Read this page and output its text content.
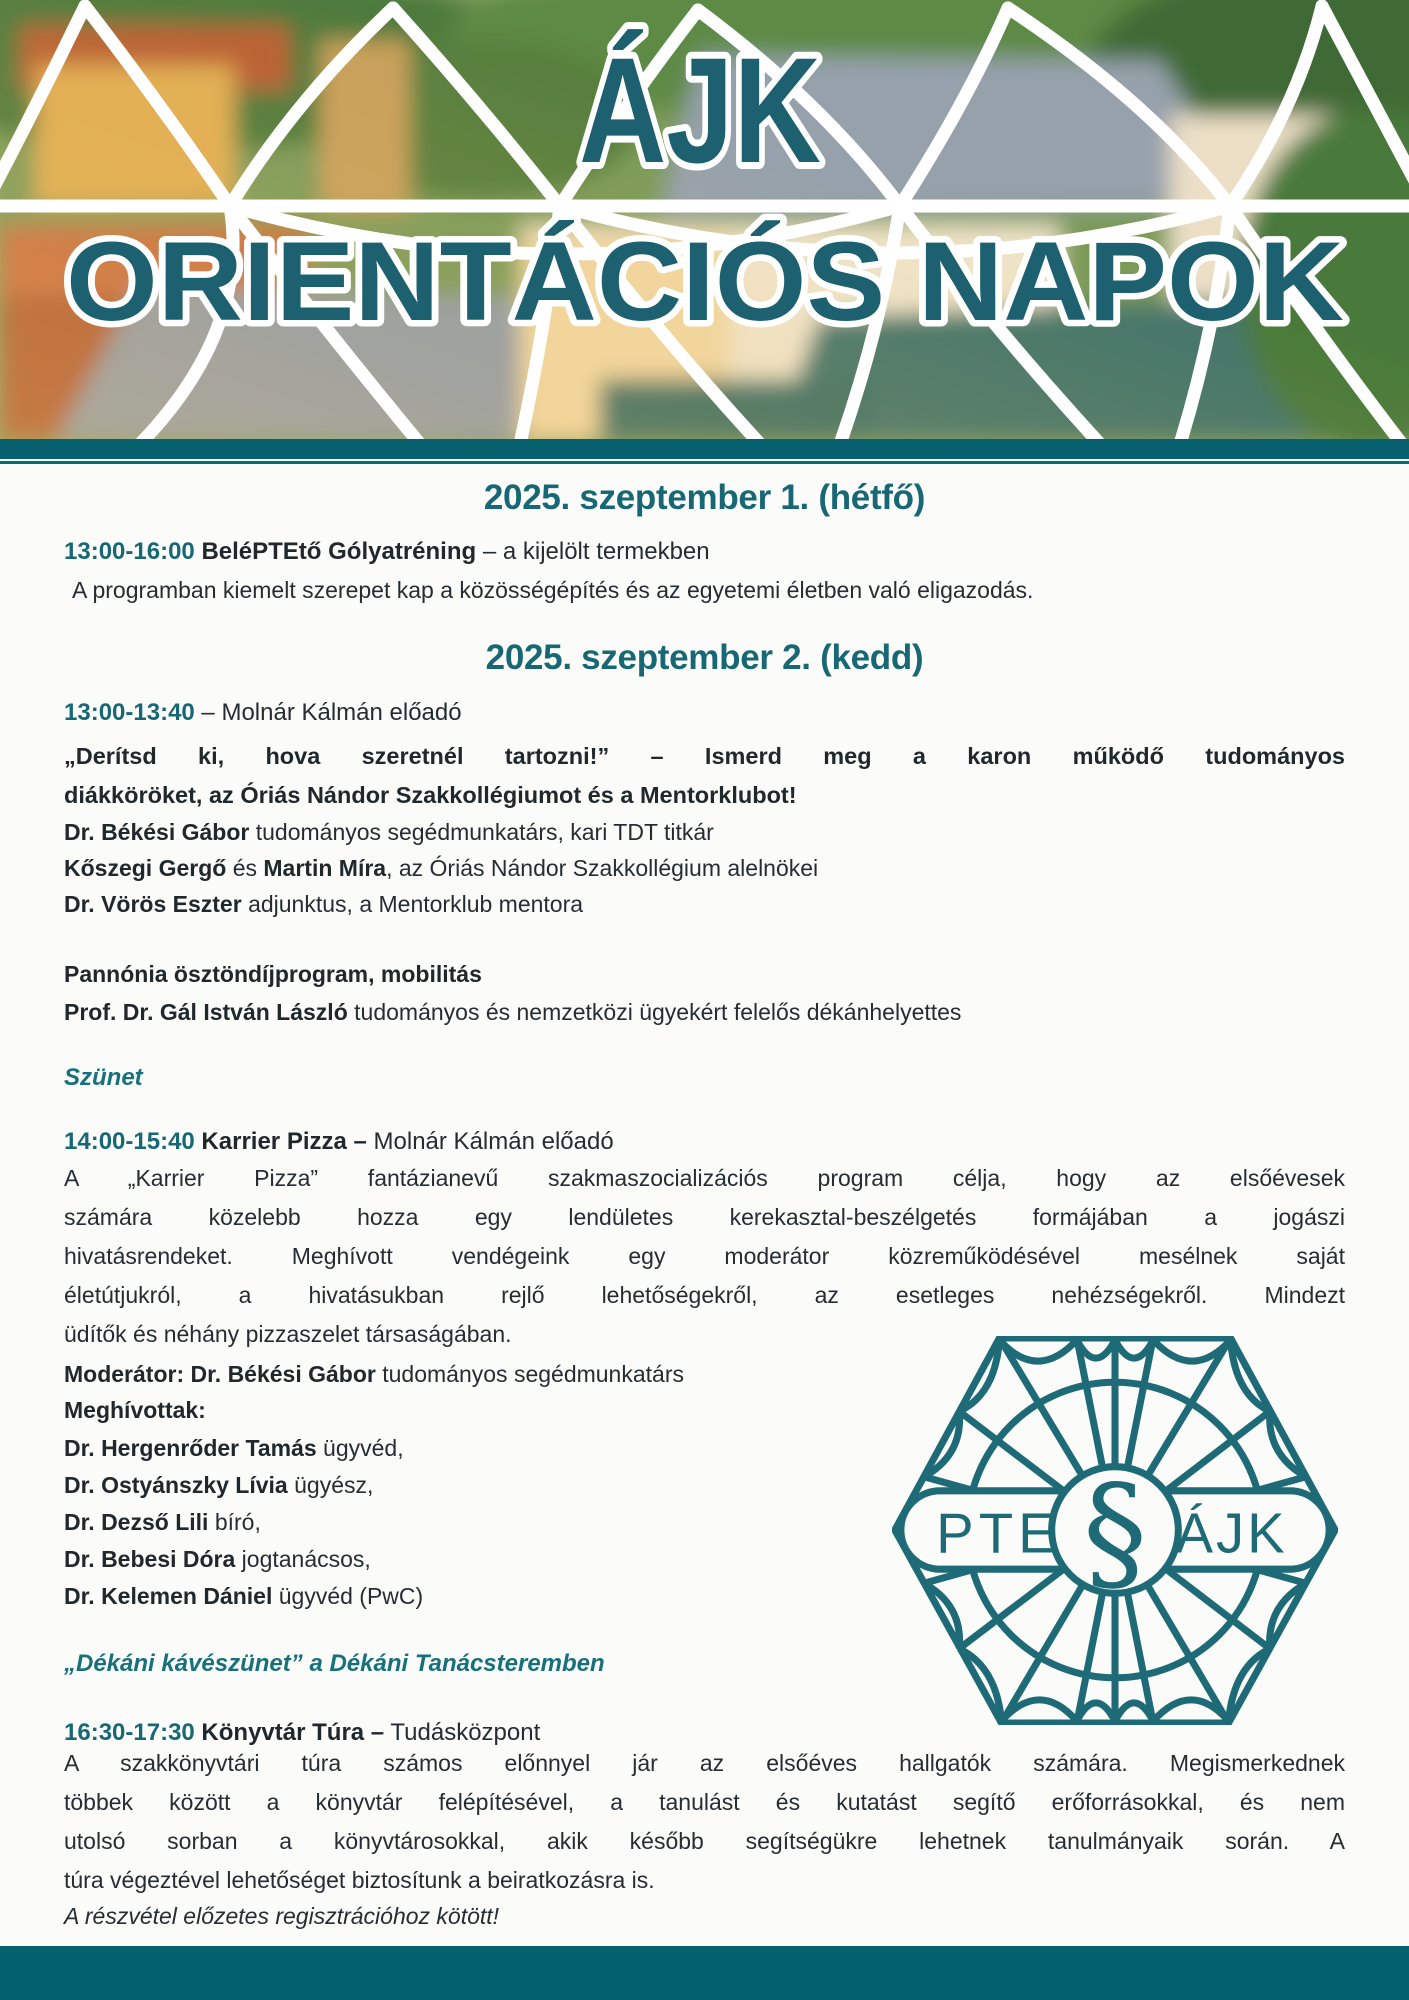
ÁJK
ORIENTÁCIÓS NAPOK
2025. szeptember 1. (hétfő)
13:00-16:00 BeléPTEtő Gólyatréning – a kijelölt termekben
A programban kiemelt szerepet kap a közösségépítés és az egyetemi életben való eligazodás.
2025. szeptember 2. (kedd)
13:00-13:40 – Molnár Kálmán előadó
„Derítsd ki, hova szeretnél tartozni!” – Ismerd meg a karon működő tudományos
diákköröket, az Óriás Nándor Szakkollégiumot és a Mentorklubot!
Dr. Békési Gábor tudományos segédmunkatárs, kari TDT titkár
Kőszegi Gergő és Martin Míra, az Óriás Nándor Szakkollégium alelnökei
Dr. Vörös Eszter adjunktus, a Mentorklub mentora
Pannónia ösztöndíjprogram, mobilitás
Prof. Dr. Gál István László tudományos és nemzetközi ügyekért felelős dékánhelyettes
Szünet
14:00-15:40 Karrier Pizza – Molnár Kálmán előadó
A „Karrier Pizza” fantázianevű szakmaszocializációs program célja, hogy az elsőévesek
számára közelebb hozza egy lendületes kerekasztal-beszélgetés formájában a jogászi
hivatásrendeket. Meghívott vendégeink egy moderátor közreműködésével mesélnek saját
életútjukról, a hivatásukban rejlő lehetőségekről, az esetleges nehézségekről. Mindezt
üdítők és néhány pizzaszelet társaságában.
Moderátor: Dr. Békési Gábor tudományos segédmunkatárs
Meghívottak:
Dr. Hergenrőder Tamás ügyvéd,
Dr. Ostyánszky Lívia ügyész,
Dr. Dezső Lili bíró,
Dr. Bebesi Dóra jogtanácsos,
Dr. Kelemen Dániel ügyvéd (PwC)
„Dékáni kávészünet” a Dékáni Tanácsteremben
16:30-17:30 Könyvtár Túra – Tudásközpont
A szakkönyvtári túra számos előnnyel jár az elsőéves hallgatók számára. Megismerkednek
többek között a könyvtár felépítésével, a tanulást és kutatást segítő erőforrásokkal, és nem
utolsó sorban a könyvtárosokkal, akik később segítségükre lehetnek tanulmányaik során. A
túra végeztével lehetőséget biztosítunk a beiratkozásra is.
A részvétel előzetes regisztrációhoz kötött!
PTE ÁJK
§
